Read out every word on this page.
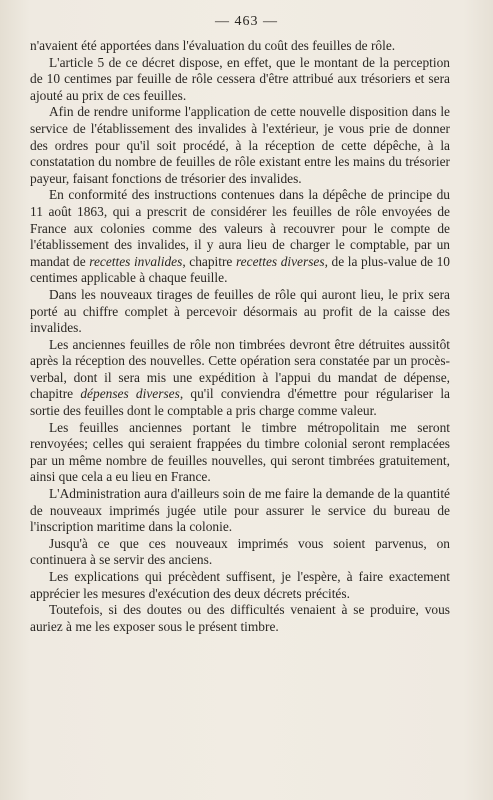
— 463 —

n'avaient été apportées dans l'évaluation du coût des feuilles de rôle.

L'article 5 de ce décret dispose, en effet, que le montant de la perception de 10 centimes par feuille de rôle cessera d'être attribué aux trésoriers et sera ajouté au prix de ces feuilles.

Afin de rendre uniforme l'application de cette nouvelle disposition dans le service de l'établissement des invalides à l'extérieur, je vous prie de donner des ordres pour qu'il soit procédé, à la réception de cette dépêche, à la constatation du nombre de feuilles de rôle existant entre les mains du trésorier payeur, faisant fonctions de trésorier des invalides.

En conformité des instructions contenues dans la dépêche de principe du 11 août 1863, qui a prescrit de considérer les feuilles de rôle envoyées de France aux colonies comme des valeurs à recouvrer pour le compte de l'établissement des invalides, il y aura lieu de charger le comptable, par un mandat de recettes invalides, chapitre recettes diverses, de la plus-value de 10 centimes applicable à chaque feuille.

Dans les nouveaux tirages de feuilles de rôle qui auront lieu, le prix sera porté au chiffre complet à percevoir désormais au profit de la caisse des invalides.

Les anciennes feuilles de rôle non timbrées devront être détruites aussitôt après la réception des nouvelles. Cette opération sera constatée par un procès-verbal, dont il sera mis une expédition à l'appui du mandat de dépense, chapitre dépenses diverses, qu'il conviendra d'émettre pour régulariser la sortie des feuilles dont le comptable a pris charge comme valeur.

Les feuilles anciennes portant le timbre métropolitain me seront renvoyées; celles qui seraient frappées du timbre colonial seront remplacées par un même nombre de feuilles nouvelles, qui seront timbrées gratuitement, ainsi que cela a eu lieu en France.

L'Administration aura d'ailleurs soin de me faire la demande de la quantité de nouveaux imprimés jugée utile pour assurer le service du bureau de l'inscription maritime dans la colonie.

Jusqu'à ce que ces nouveaux imprimés vous soient parvenus, on continuera à se servir des anciens.

Les explications qui précèdent suffisent, je l'espère, à faire exactement apprécier les mesures d'exécution des deux décrets précités.

Toutefois, si des doutes ou des difficultés venaient à se produire, vous auriez à me les exposer sous le présent timbre.
